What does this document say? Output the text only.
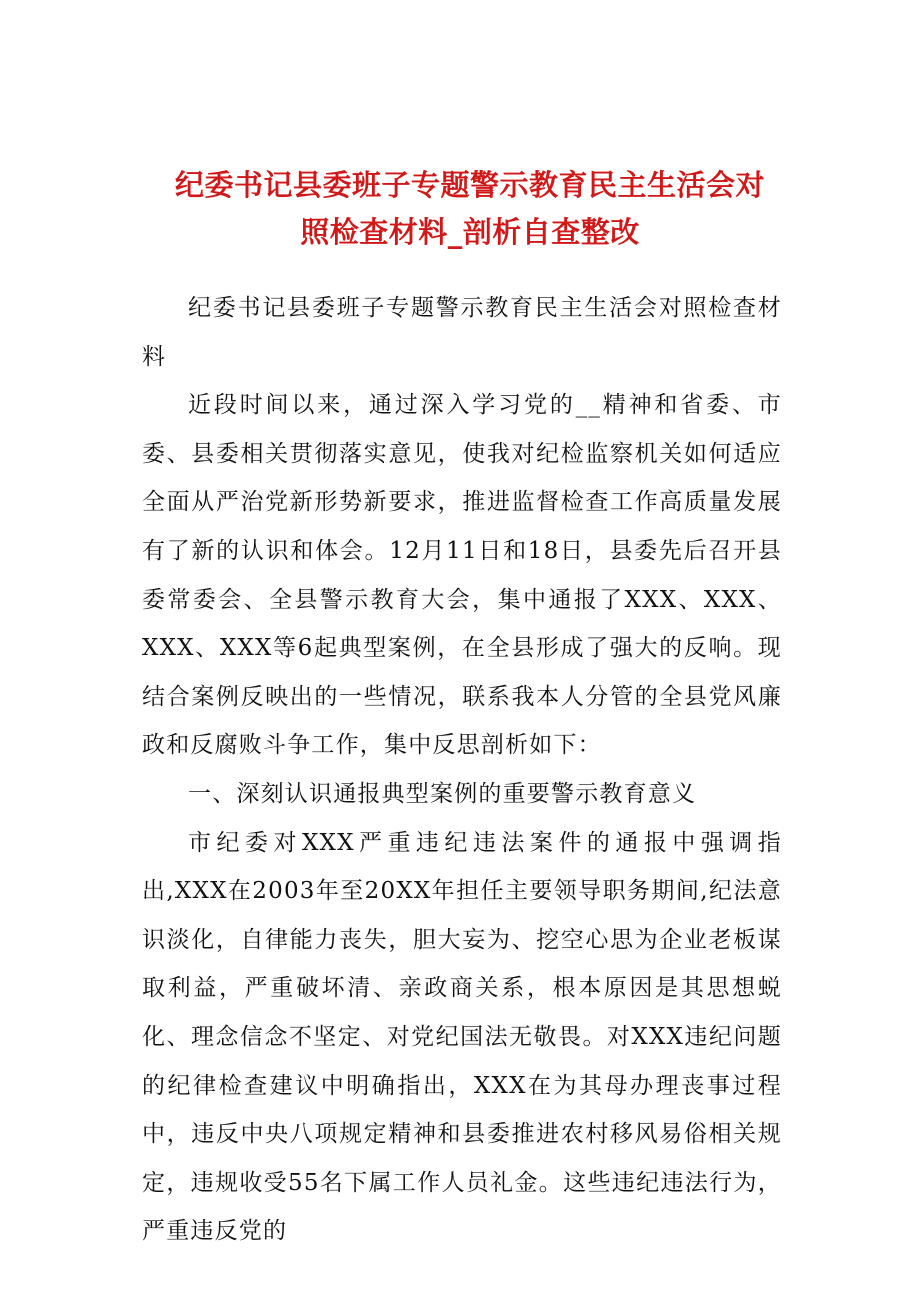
纪委书记县委班子专题警示教育民主生活会对
照检查材料_剖析自查整改

纪委书记县委班子专题警示教育民主生活会对照检查材料

近段时间以来，通过深入学习党的__精神和省委、市委、县委相关贯彻落实意见，使我对纪检监察机关如何适应全面从严治党新形势新要求，推进监督检查工作高质量发展有了新的认识和体会。12月11日和18日，县委先后召开县委常委会、全县警示教育大会，集中通报了XXX、XXX、XXX、XXX等6起典型案例，在全县形成了强大的反响。现结合案例反映出的一些情况，联系我本人分管的全县党风廉政和反腐败斗争工作，集中反思剖析如下：

一、深刻认识通报典型案例的重要警示教育意义

市纪委对XXX严重违纪违法案件的通报中强调指出,XXX在2003年至20XX年担任主要领导职务期间,纪法意识淡化，自律能力丧失，胆大妄为、挖空心思为企业老板谋取利益，严重破坏清、亲政商关系，根本原因是其思想蜕化、理念信念不坚定、对党纪国法无敬畏。对XXX违纪问题的纪律检查建议中明确指出，XXX在为其母办理丧事过程中，违反中央八项规定精神和县委推进农村移风易俗相关规定，违规收受55名下属工作人员礼金。这些违纪违法行为，严重违反党的
